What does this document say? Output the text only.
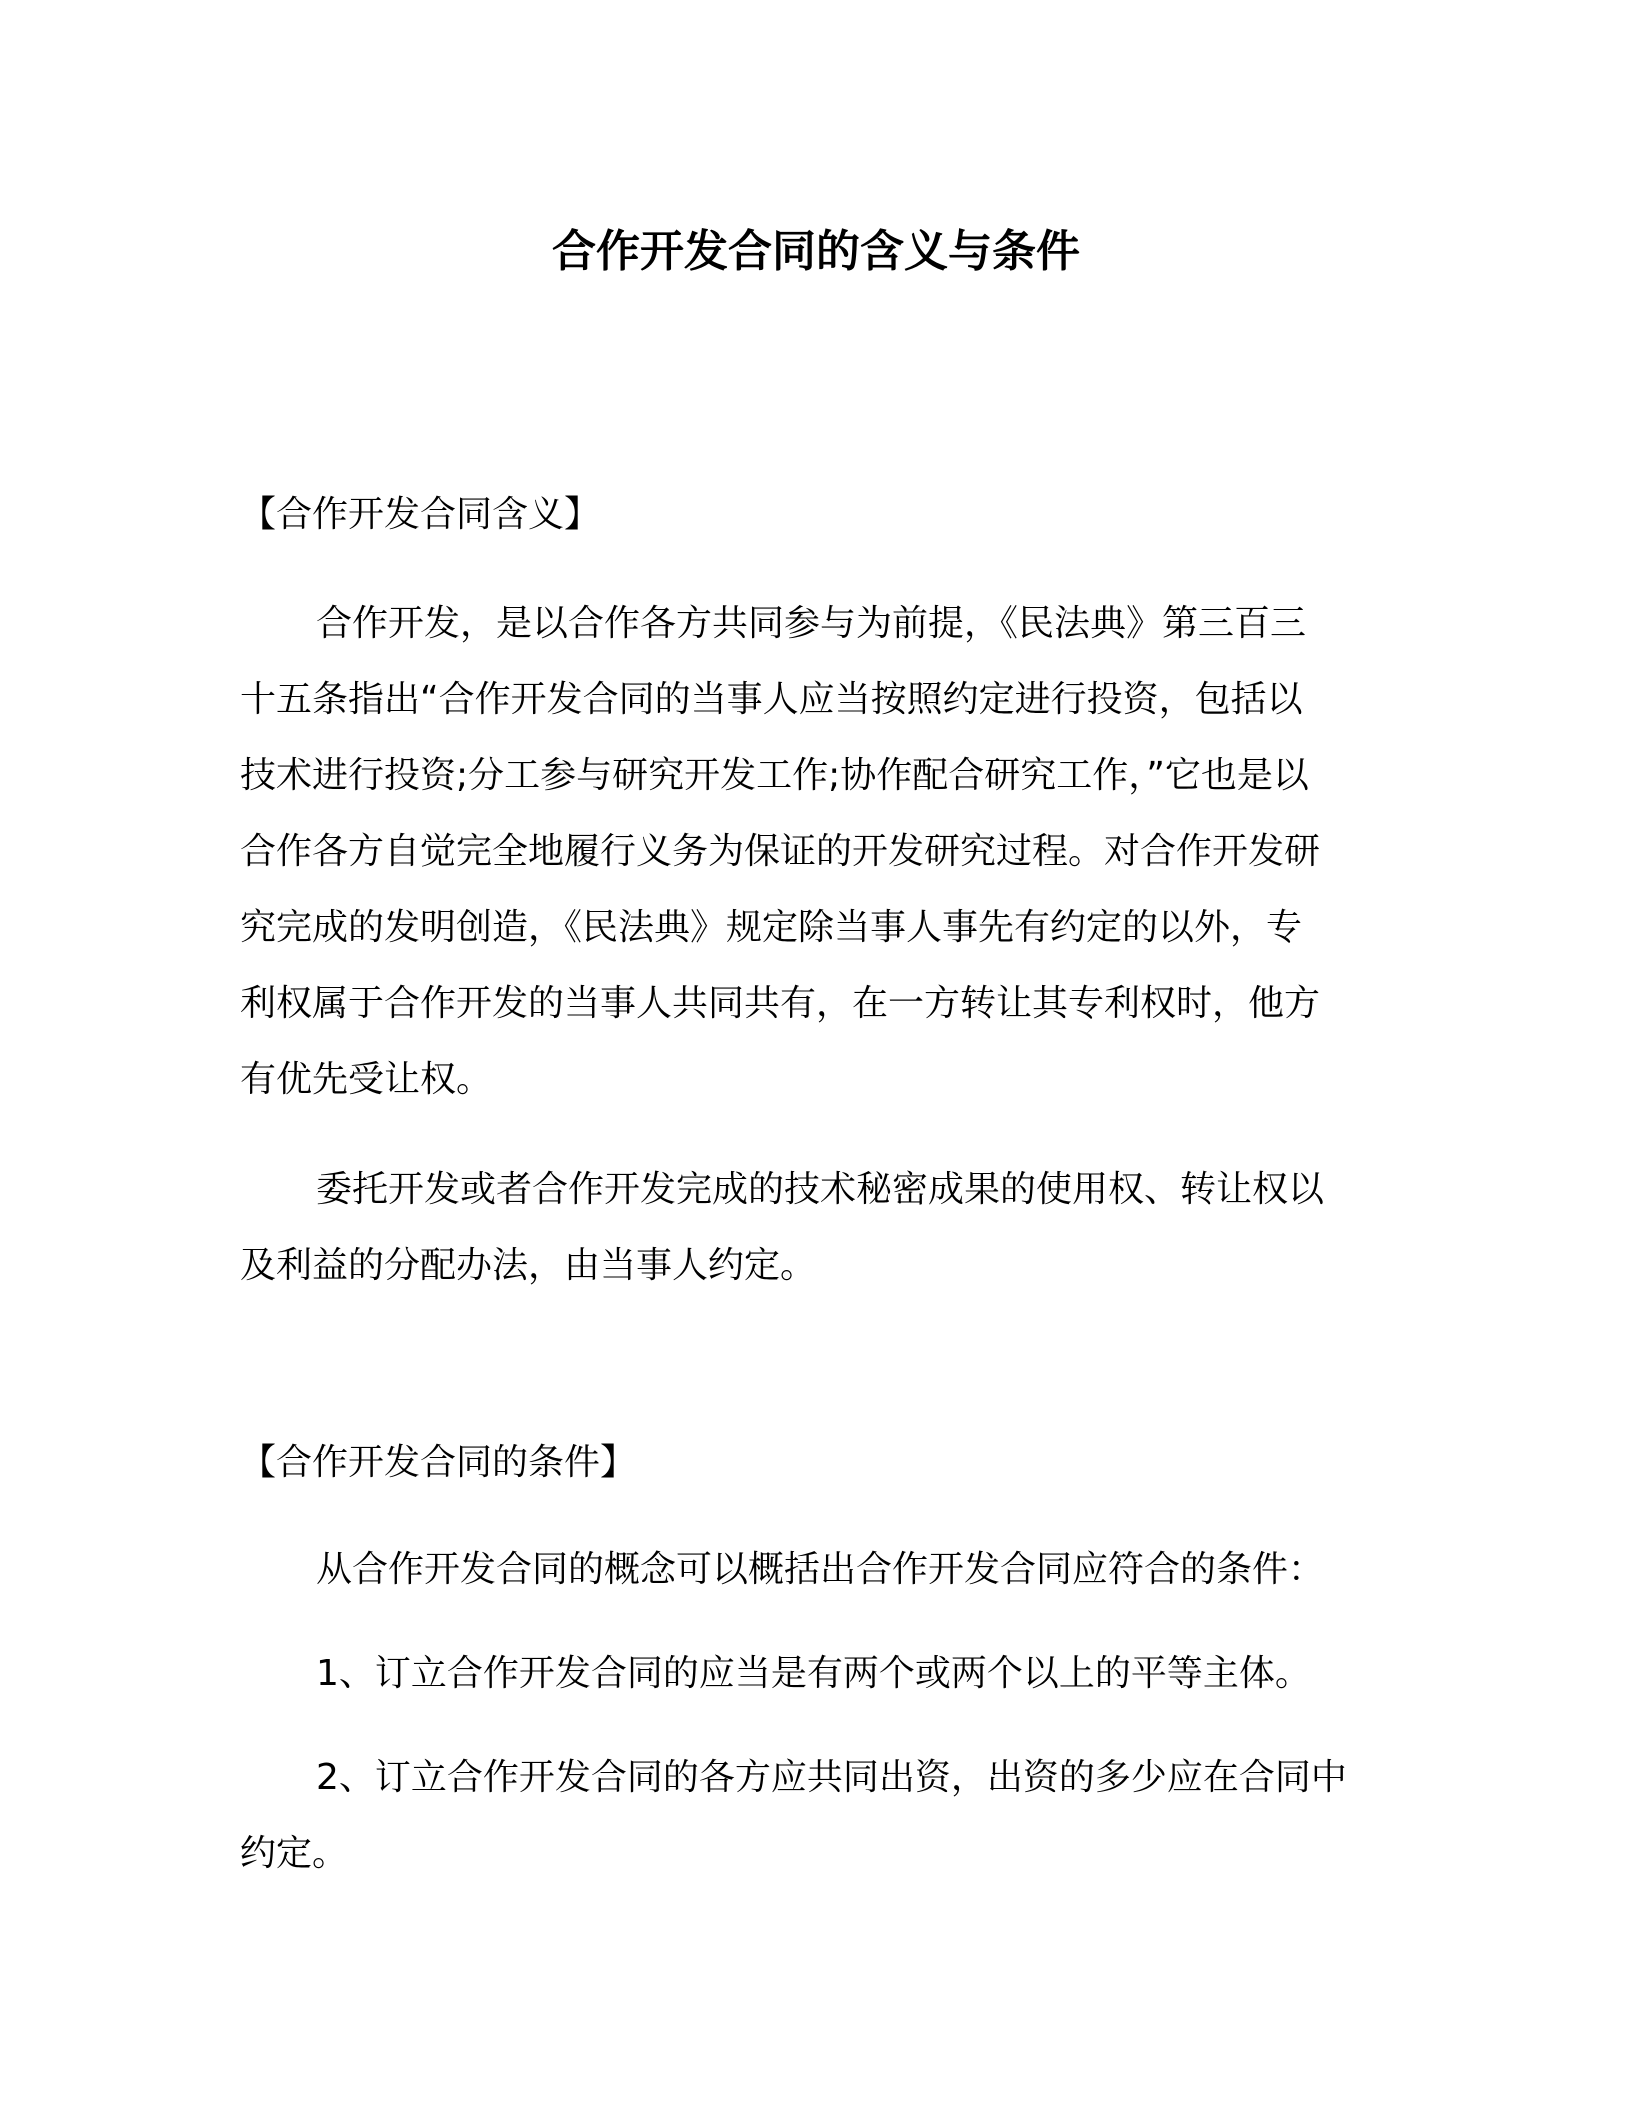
合作开发合同的含义与条件
【合作开发合同含义】
合作开发，是以合作各方共同参与为前提，《民法典》第三百三
十五条指出“合作开发合同的当事人应当按照约定进行投资，包括以
技术进行投资;分工参与研究开发工作;协作配合研究工作，”它也是以
合作各方自觉完全地履行义务为保证的开发研究过程。对合作开发研
究完成的发明创造，《民法典》规定除当事人事先有约定的以外，专
利权属于合作开发的当事人共同共有，在一方转让其专利权时，他方
有优先受让权。
委托开发或者合作开发完成的技术秘密成果的使用权、转让权以
及利益的分配办法，由当事人约定。
【合作开发合同的条件】
从合作开发合同的概念可以概括出合作开发合同应符合的条件：
1、订立合作开发合同的应当是有两个或两个以上的平等主体。
2、订立合作开发合同的各方应共同出资，出资的多少应在合同中
约定。
